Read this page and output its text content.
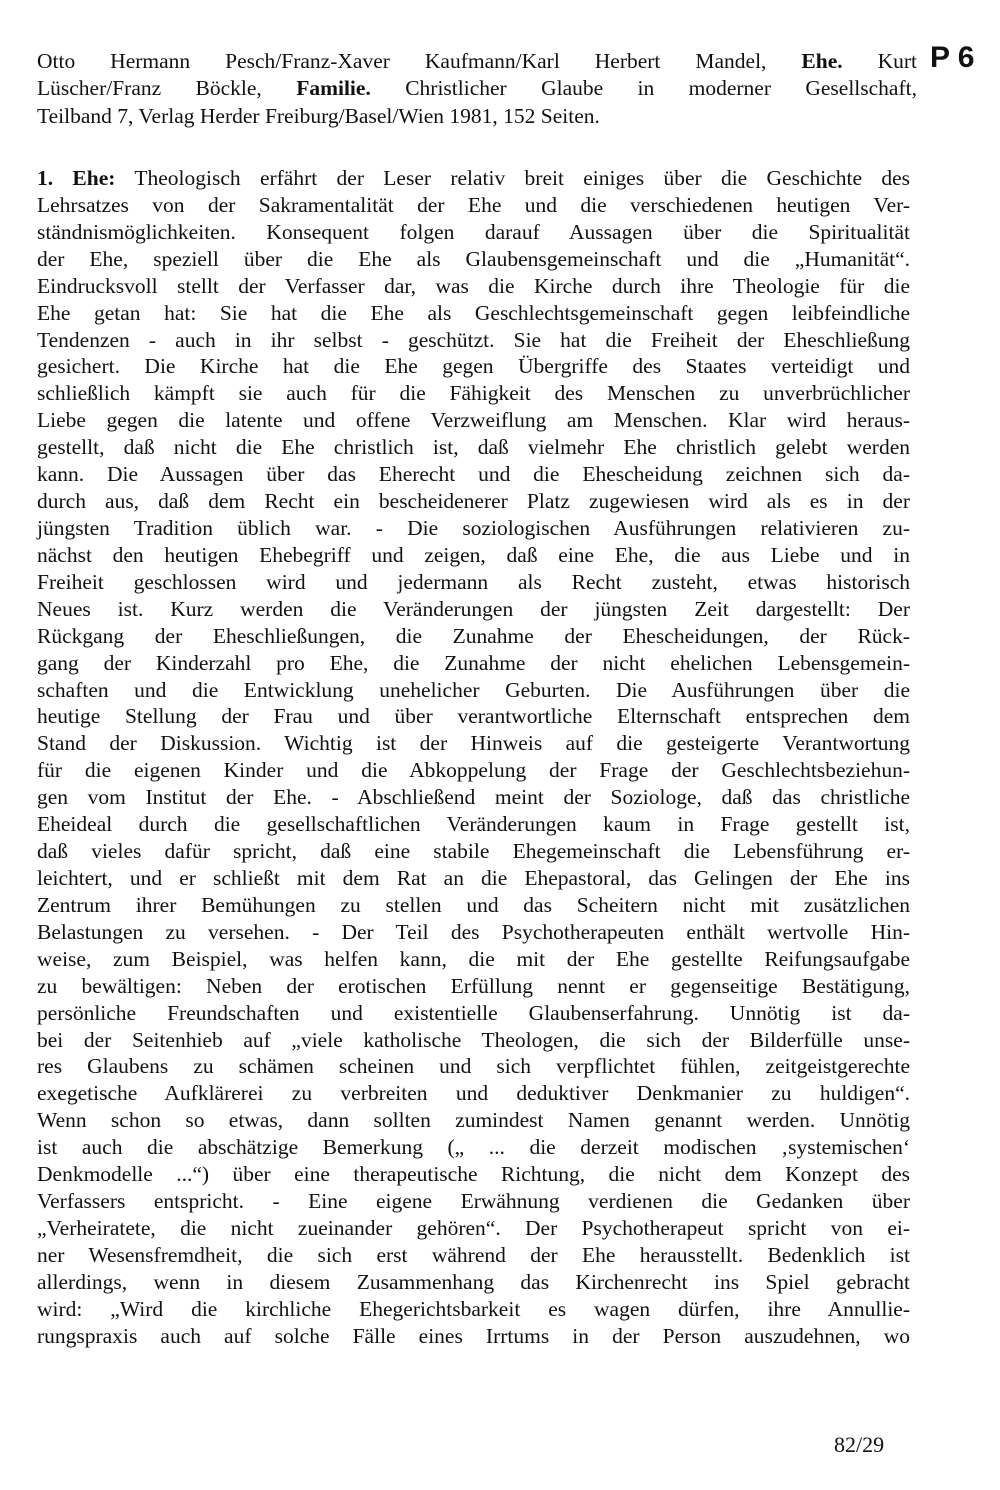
P 6
Otto Hermann Pesch/Franz-Xaver Kaufmann/Karl Herbert Mandel, Ehe. Kurt
Lüscher/Franz Böckle, Familie. Christlicher Glaube in moderner Gesellschaft,
Teilband 7, Verlag Herder Freiburg/Basel/Wien 1981, 152 Seiten.
1. Ehe: Theologisch erfährt der Leser relativ breit einiges über die Geschichte des
Lehrsatzes von der Sakramentalität der Ehe und die verschiedenen heutigen Ver-
ständnismöglichkeiten. Konsequent folgen darauf Aussagen über die Spiritualität
der Ehe, speziell über die Ehe als Glaubensgemeinschaft und die „Humanität“.
Eindrucksvoll stellt der Verfasser dar, was die Kirche durch ihre Theologie für die
Ehe getan hat: Sie hat die Ehe als Geschlechtsgemeinschaft gegen leibfeindliche
Tendenzen - auch in ihr selbst - geschützt. Sie hat die Freiheit der Eheschließung
gesichert. Die Kirche hat die Ehe gegen Übergriffe des Staates verteidigt und
schließlich kämpft sie auch für die Fähigkeit des Menschen zu unverbrüchlicher
Liebe gegen die latente und offene Verzweiflung am Menschen. Klar wird heraus-
gestellt, daß nicht die Ehe christlich ist, daß vielmehr Ehe christlich gelebt werden
kann. Die Aussagen über das Eherecht und die Ehescheidung zeichnen sich da-
durch aus, daß dem Recht ein bescheidenerer Platz zugewiesen wird als es in der
jüngsten Tradition üblich war. - Die soziologischen Ausführungen relativieren zu-
nächst den heutigen Ehebegriff und zeigen, daß eine Ehe, die aus Liebe und in
Freiheit geschlossen wird und jedermann als Recht zusteht, etwas historisch
Neues ist. Kurz werden die Veränderungen der jüngsten Zeit dargestellt: Der
Rückgang der Eheschließungen, die Zunahme der Ehescheidungen, der Rück-
gang der Kinderzahl pro Ehe, die Zunahme der nicht ehelichen Lebensgemein-
schaften und die Entwicklung unehelicher Geburten. Die Ausführungen über die
heutige Stellung der Frau und über verantwortliche Elternschaft entsprechen dem
Stand der Diskussion. Wichtig ist der Hinweis auf die gesteigerte Verantwortung
für die eigenen Kinder und die Abkoppelung der Frage der Geschlechtsbeziehun-
gen vom Institut der Ehe. - Abschließend meint der Soziologe, daß das christliche
Eheideal durch die gesellschaftlichen Veränderungen kaum in Frage gestellt ist,
daß vieles dafür spricht, daß eine stabile Ehegemeinschaft die Lebensführung er-
leichtert, und er schließt mit dem Rat an die Ehepastoral, das Gelingen der Ehe ins
Zentrum ihrer Bemühungen zu stellen und das Scheitern nicht mit zusätzlichen
Belastungen zu versehen. - Der Teil des Psychotherapeuten enthält wertvolle Hin-
weise, zum Beispiel, was helfen kann, die mit der Ehe gestellte Reifungsaufgabe
zu bewältigen: Neben der erotischen Erfüllung nennt er gegenseitige Bestätigung,
persönliche Freundschaften und existentielle Glaubenserfahrung. Unnötig ist da-
bei der Seitenhieb auf „viele katholische Theologen, die sich der Bilderfülle unse-
res Glaubens zu schämen scheinen und sich verpflichtet fühlen, zeitgeistgerechte
exegetische Aufklärerei zu verbreiten und deduktiver Denkmanier zu huldigen“.
Wenn schon so etwas, dann sollten zumindest Namen genannt werden. Unnötig
ist auch die abschätzige Bemerkung („ ... die derzeit modischen ‚systemischen‘
Denkmodelle ...“) über eine therapeutische Richtung, die nicht dem Konzept des
Verfassers entspricht. - Eine eigene Erwähnung verdienen die Gedanken über
„Verheiratete, die nicht zueinander gehören“. Der Psychotherapeut spricht von ei-
ner Wesensfremdheit, die sich erst während der Ehe herausstellt. Bedenklich ist
allerdings, wenn in diesem Zusammenhang das Kirchenrecht ins Spiel gebracht
wird: „Wird die kirchliche Ehegerichtsbarkeit es wagen dürfen, ihre Annullie-
rungspraxis auch auf solche Fälle eines Irrtums in der Person auszudehnen, wo
82/29
